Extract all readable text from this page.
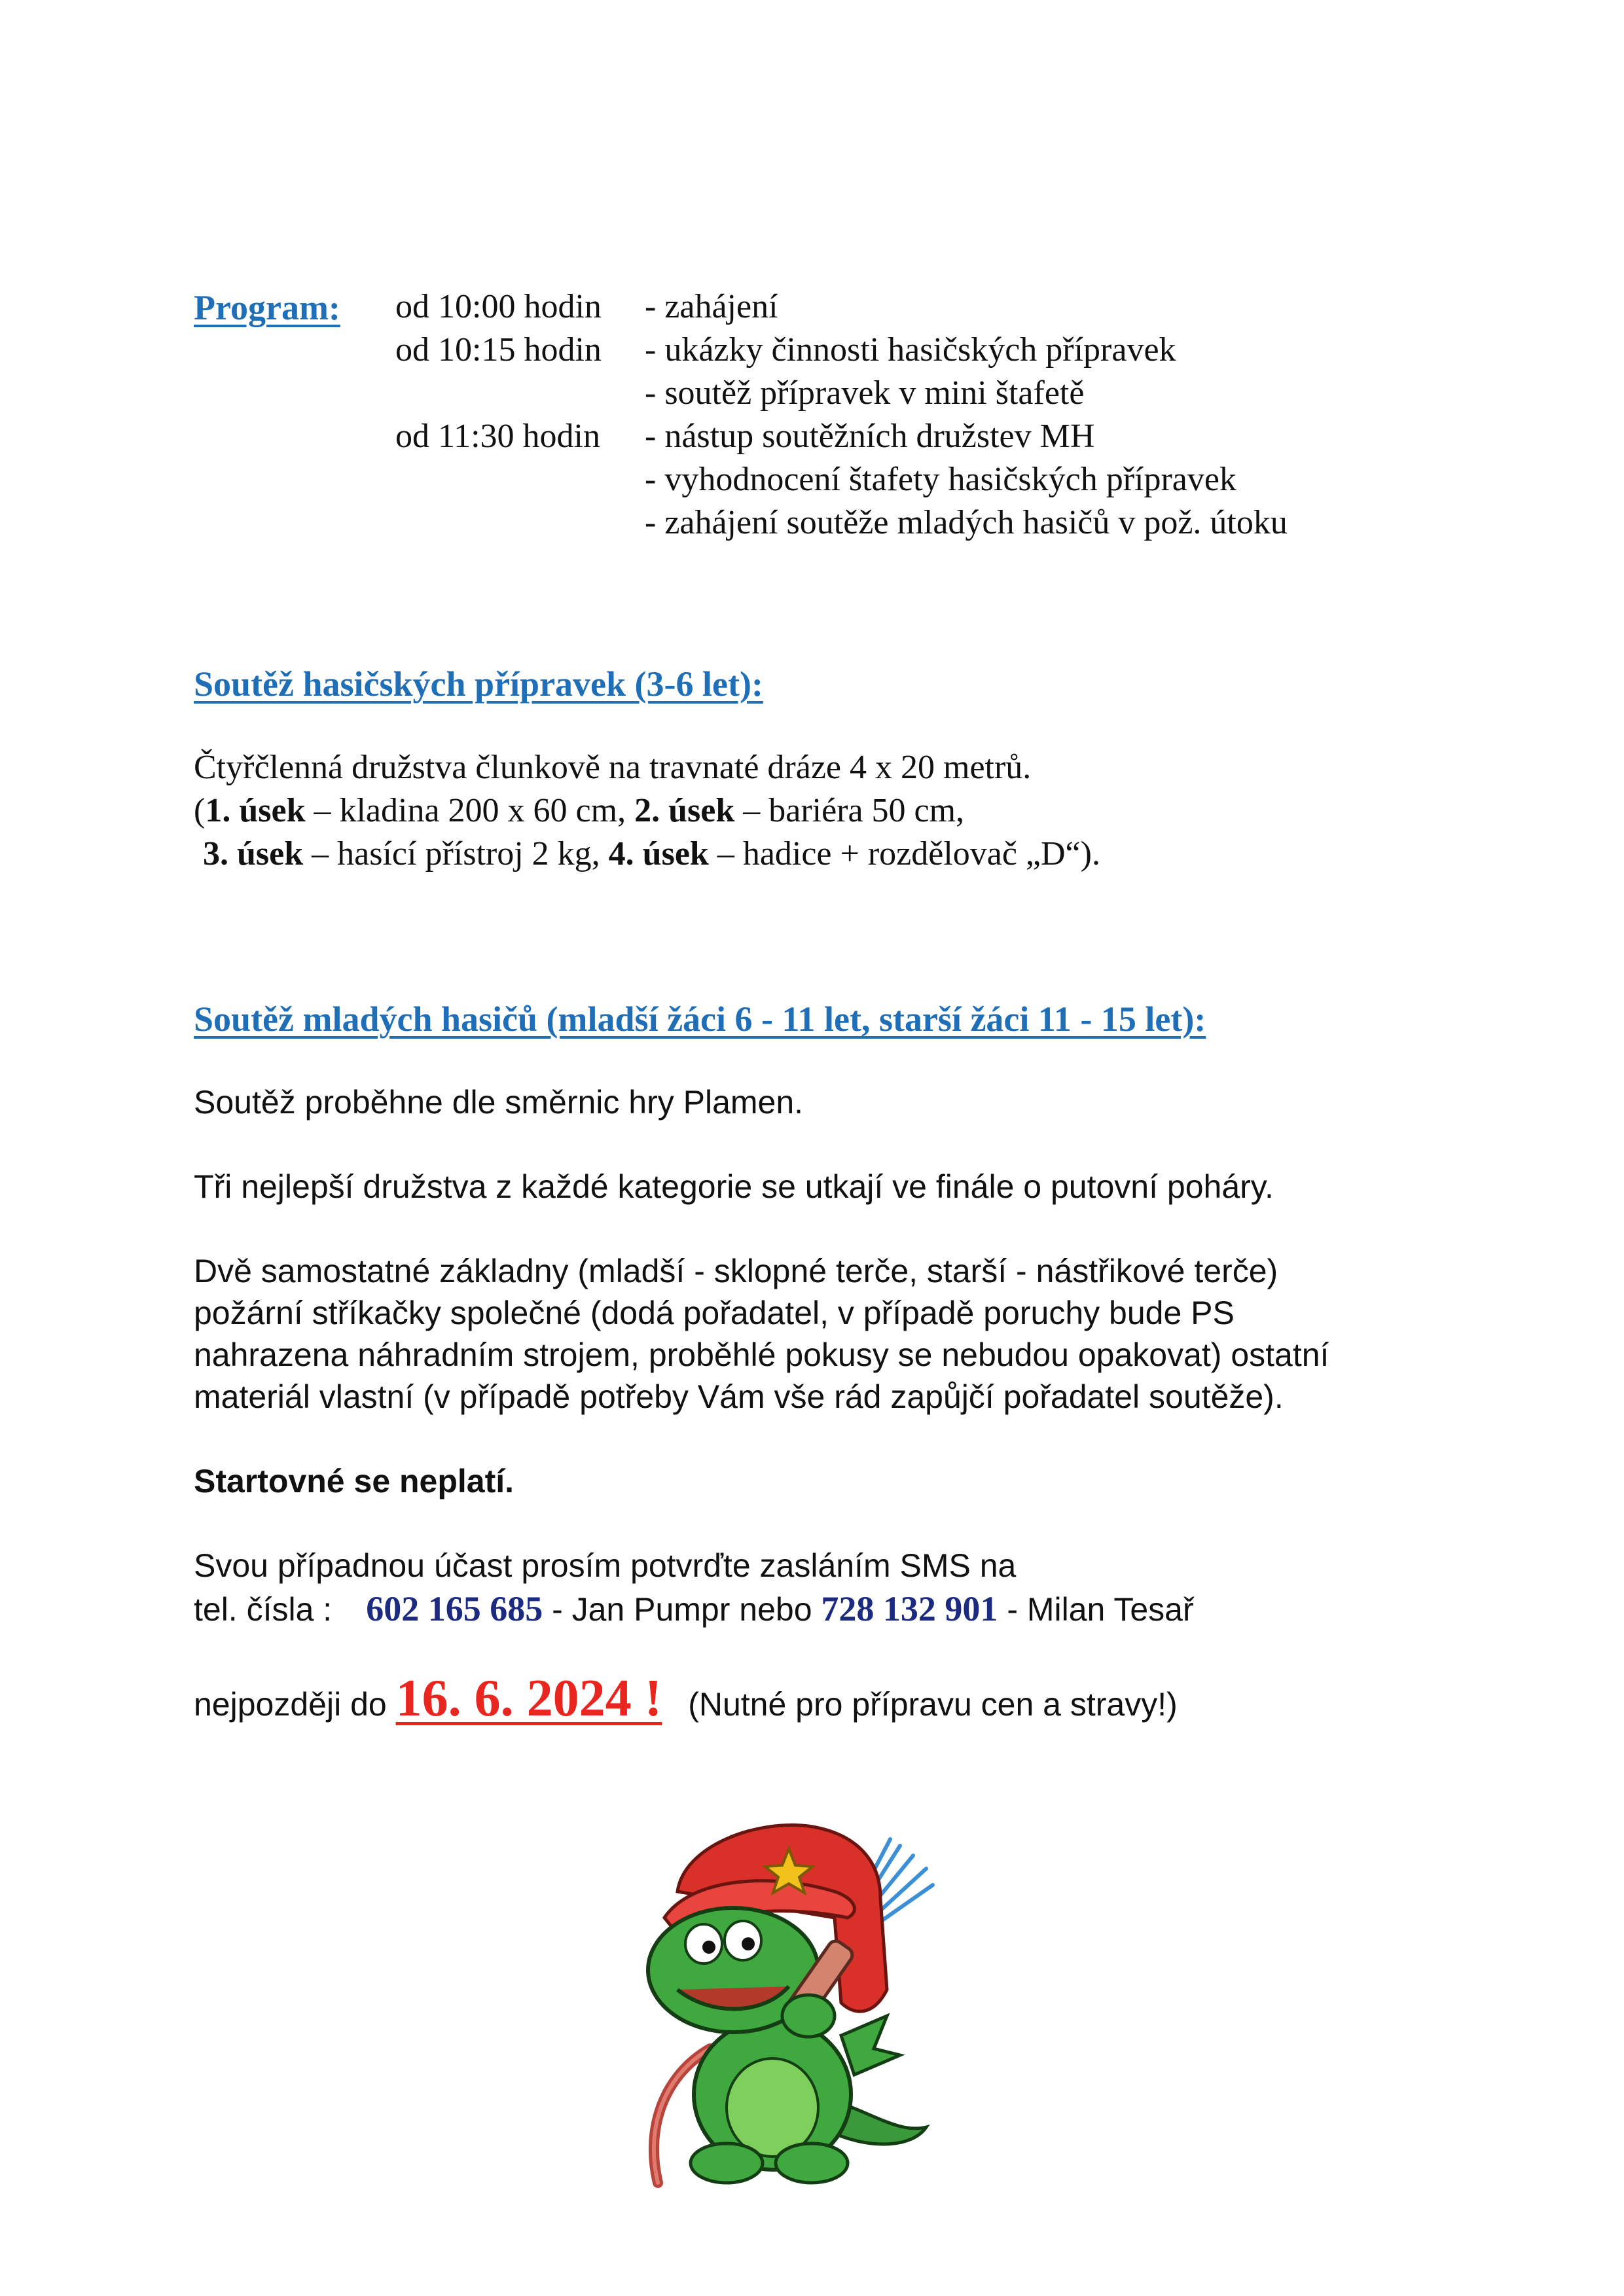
Program: od 10:00 hodin - zahájení
od 10:15 hodin - ukázky činnosti hasičských přípravek
- soutěž přípravek v mini štafetě
od 11:30 hodin - nástup soutěžních družstev MH
- vyhodnocení štafety hasičských přípravek
- zahájení soutěže mladých hasičů v pož. útoku
Soutěž hasičských přípravek (3-6 let):
Čtyřčlenná družstva člunkově na travnaté dráze 4 x 20 metrů.
(1. úsek – kladina 200 x 60 cm, 2. úsek – bariéra 50 cm,
3. úsek – hasící přístroj 2 kg, 4. úsek – hadice + rozdělovač „D“).
Soutěž mladých hasičů (mladší žáci 6 - 11 let, starší žáci 11 - 15 let):
Soutěž proběhne dle směrnic hry Plamen.
Tři nejlepší družstva z každé kategorie se utkají ve finále o putovní poháry.
Dvě samostatné základny (mladší - sklopné terče, starší - nástřikové terče)
požární stříkačky společné (dodá pořadatel, v případě poruchy bude PS
nahrazena náhradním strojem, proběhlé pokusy se nebudou opakovat) ostatní
materiál vlastní (v případě potřeby Vám vše rád zapůjčí pořadatel soutěže).
Startovné se neplatí.
Svou případnou účast prosím potvrďte zasláním SMS na
tel. čísla : 602 165 685 - Jan Pumpr nebo 728 132 901 - Milan Tesař
nejpozději do 16. 6. 2024 ! (Nutné pro přípravu cen a stravy!)
